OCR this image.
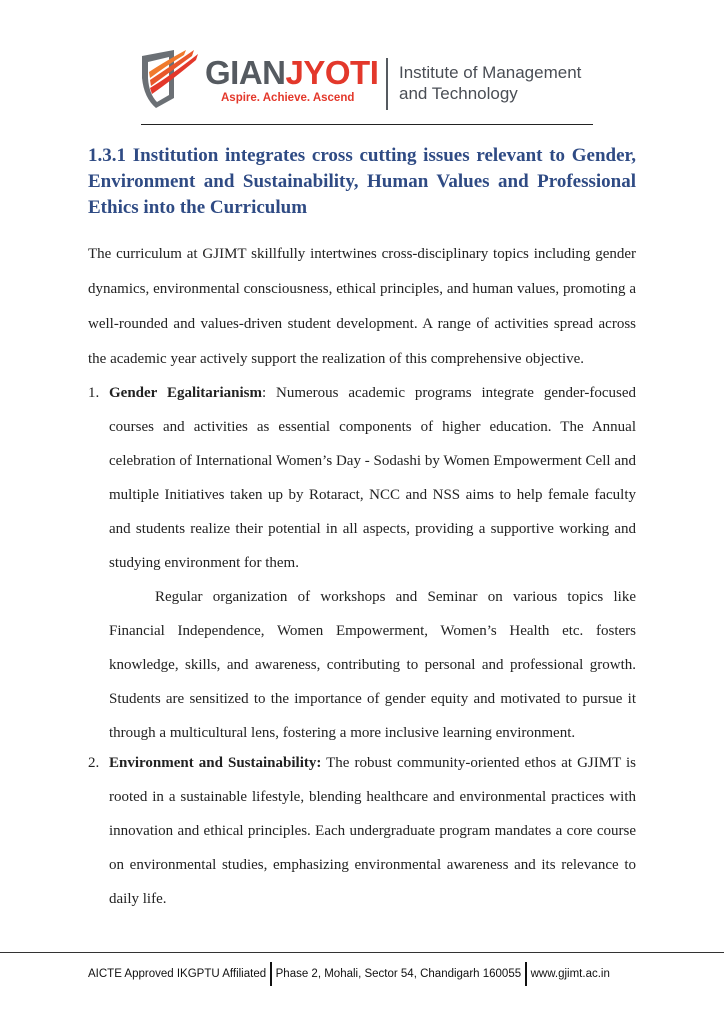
GIANJYOTI
Aspire. Achieve. Ascend
Institute of Management
and Technology
1.3.1 Institution integrates cross cutting issues relevant to Gender, Environment and Sustainability, Human Values and Professional Ethics into the Curriculum

The curriculum at GJIMT skillfully intertwines cross-disciplinary topics including gender dynamics, environmental consciousness, ethical principles, and human values, promoting a well-rounded and values-driven student development. A range of activities spread across the academic year actively support the realization of this comprehensive objective.

1. Gender Egalitarianism: Numerous academic programs integrate gender-focused courses and activities as essential components of higher education. The Annual celebration of International Women’s Day - Sodashi by Women Empowerment Cell and multiple Initiatives taken up by Rotaract, NCC and NSS aims to help female faculty and students realize their potential in all aspects, providing a supportive working and studying environment for them.
Regular organization of workshops and Seminar on various topics like Financial Independence, Women Empowerment, Women’s Health etc. fosters knowledge, skills, and awareness, contributing to personal and professional growth. Students are sensitized to the importance of gender equity and motivated to pursue it through a multicultural lens, fostering a more inclusive learning environment.
2. Environment and Sustainability: The robust community-oriented ethos at GJIMT is rooted in a sustainable lifestyle, blending healthcare and environmental practices with innovation and ethical principles. Each undergraduate program mandates a core course on environmental studies, emphasizing environmental awareness and its relevance to daily life.
AICTE Approved IKGPTU Affiliated Phase 2, Mohali, Sector 54, Chandigarh 160055 www.gjimt.ac.in
